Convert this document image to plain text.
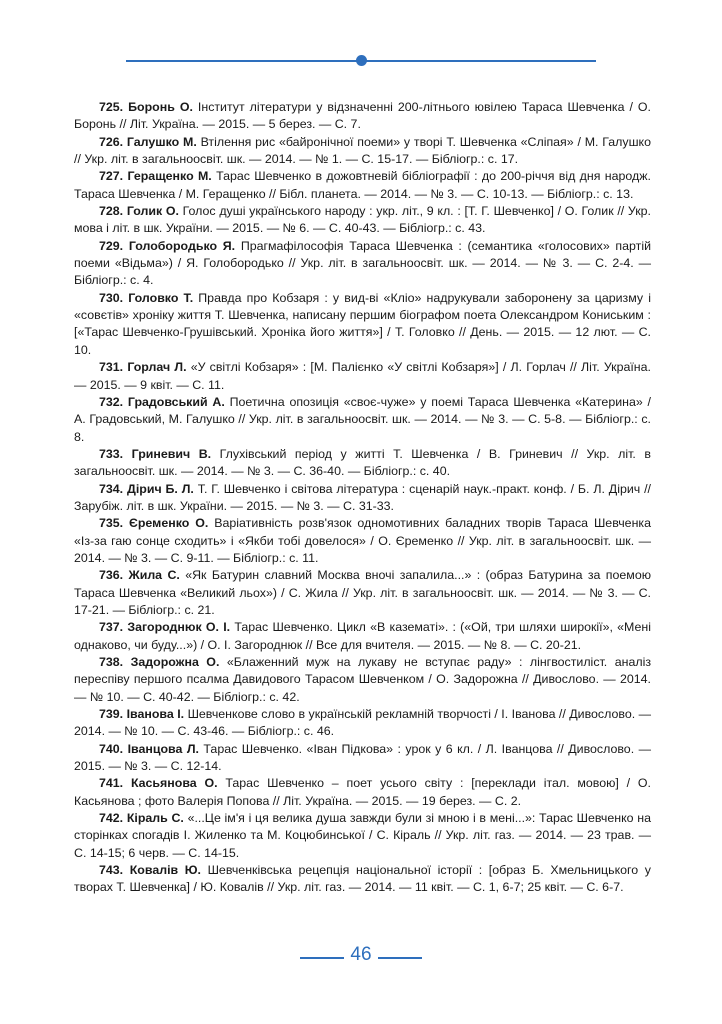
725. Боронь О. Інститут літератури у відзначенні 200-літнього ювілею Тараса Шевченка / О. Боронь // Літ. Україна. — 2015. — 5 берез. — С. 7.

726. Галушко М. Втілення рис «байронічної поеми» у творі Т. Шевченка «Сліпая» / М. Галушко // Укр. літ. в загальноосвіт. шк. — 2014. — № 1. — С. 15-17. — Бібліогр.: с. 17.

727. Геращенко М. Тарас Шевченко в дожовтневій бібліографії : до 200-річчя від дня народж. Тараса Шевченка / М. Геращенко // Бібл. планета. — 2014. — № 3. — С. 10-13. — Бібліогр.: с. 13.

728. Голик О. Голос душі українського народу : укр. літ., 9 кл. : [Т. Г. Шевченко] / О. Голик // Укр. мова і літ. в шк. України. — 2015. — № 6. — С. 40-43. — Бібліогр.: с. 43.

729. Голобородько Я. Прагмафілософія Тараса Шевченка : (семантика «голосових» партій поеми «Відьма») / Я. Голобородько // Укр. літ. в загальноосвіт. шк. — 2014. — № 3. — С. 2-4. — Бібліогр.: с. 4.

730. Головко Т. Правда про Кобзаря : у вид-ві «Кліо» надрукували заборонену за царизму і «совєтів» хроніку життя Т. Шевченка, написану першим біографом поета Олександром Кониським : [«Тарас Шевченко-Грушівський. Хроніка його життя»] / Т. Головко // День. — 2015. — 12 лют. — С. 10.

731. Горлач Л. «У світлі Кобзаря» : [М. Палієнко «У світлі Кобзаря»] / Л. Горлач // Літ. Україна. — 2015. — 9 квіт. — С. 11.

732. Градовський А. Поетична опозиція «своє-чуже» у поемі Тараса Шевченка «Катерина» / А. Градовський, М. Галушко // Укр. літ. в загальноосвіт. шк. — 2014. — № 3. — С. 5-8. — Бібліогр.: с. 8.

733. Гриневич В. Глухівський період у житті Т. Шевченка / В. Гриневич // Укр. літ. в загальноосвіт. шк. — 2014. — № 3. — С. 36-40. — Бібліогр.: с. 40.

734. Дірич Б. Л. Т. Г. Шевченко і світова література : сценарій наук.-практ. конф. / Б. Л. Дірич // Зарубіж. літ. в шк. України. — 2015. — № 3. — С. 31-33.

735. Єременко О. Варіативність розв'язок одномотивних баладних творів Тараса Шевченка «Із-за гаю сонце сходить» і «Якби тобі довелося» / О. Єременко // Укр. літ. в загальноосвіт. шк. — 2014. — № 3. — С. 9-11. — Бібліогр.: с. 11.

736. Жила С. «Як Батурин славний Москва вночі запалила...» : (образ Батурина за поемою Тараса Шевченка «Великий льох») / С. Жила // Укр. літ. в загальноосвіт. шк. — 2014. — № 3. — С. 17-21. — Бібліогр.: с. 21.

737. Загороднюк О. І. Тарас Шевченко. Цикл «В казематі». : («Ой, три шляхи широкії», «Мені однаково, чи буду...») / О. І. Загороднюк // Все для вчителя. — 2015. — № 8. — С. 20-21.

738. Задорожна О. «Блаженний муж на лукаву не вступає раду» : лінгвостиліст. аналіз переспіву першого псалма Давидового Тарасом Шевченком / О. Задорожна // Дивослово. — 2014. — № 10. — С. 40-42. — Бібліогр.: с. 42.

739. Іванова І. Шевченкове слово в українській рекламній творчості / І. Іванова // Дивослово. — 2014. — № 10. — С. 43-46. — Бібліогр.: с. 46.

740. Іванцова Л. Тарас Шевченко. «Іван Підкова» : урок у 6 кл. / Л. Іванцова // Дивослово. — 2015. — № 3. — С. 12-14.

741. Касьянова О. Тарас Шевченко – поет усього світу : [переклади італ. мовою] / О. Касьянова ; фото Валерія Попова // Літ. Україна. — 2015. — 19 берез. — С. 2.

742. Кіраль С. «...Це ім'я і ця велика душа завжди були зі мною і в мені...»: Тарас Шевченко на сторінках спогадів І. Жиленко та М. Коцюбинської / С. Кіраль // Укр. літ. газ. — 2014. — 23 трав. — С. 14-15; 6 черв. — С. 14-15.

743. Ковалів Ю. Шевченківська рецепція національної історії : [образ Б. Хмельницького у творах Т. Шевченка] / Ю. Ковалів // Укр. літ. газ. — 2014. — 11 квіт. — С. 1, 6-7; 25 квіт. — С. 6-7.

46
